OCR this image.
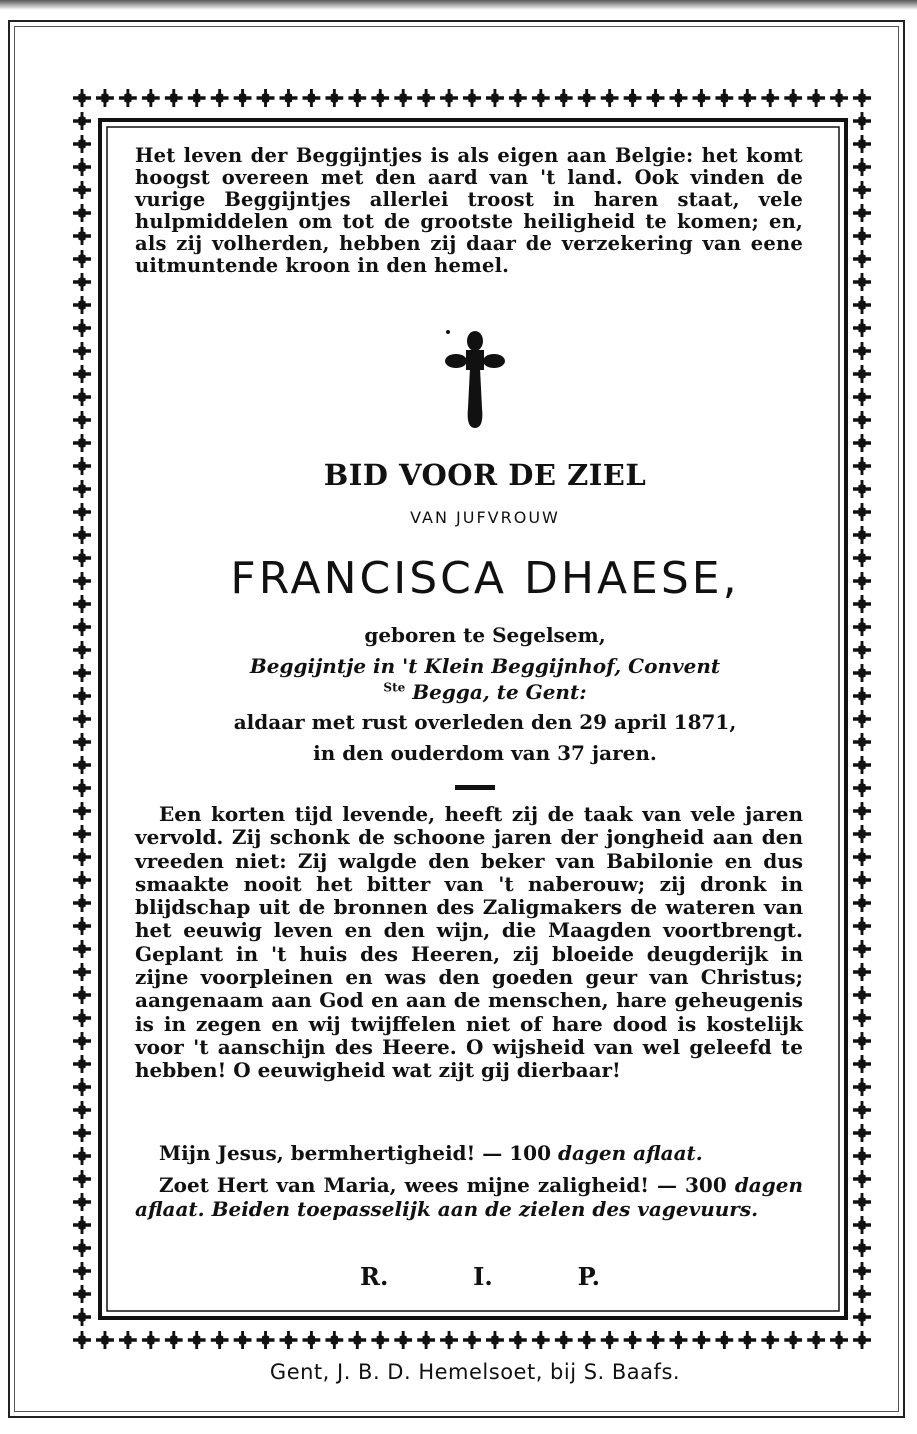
Het leven der Beggijntjes is als eigen aan Belgie: het komt hoogst overeen met den aard van 't land. Ook vinden de vurige Beggijntjes allerlei troost in haren staat, vele hulpmiddelen om tot de grootste heiligheid te komen; en, als zij volherden, hebben zij daar de verzekering van eene uitmuntende kroon in den hemel.

BID VOOR DE ZIEL
VAN JUFVROUW
FRANCISCA DHAESE,
geboren te Segelsem,
Beggijntje in 't Klein Beggijnhof, Convent
$^{Ste}$ Begga, te Gent:
aldaar met rust overleden den 29 april 1871,
in den ouderdom van 37 jaren.

Een korten tijd levende, heeft zij de taak van vele jaren vervold. Zij schonk de schoone jaren der jongheid aan den vreeden niet: Zij walgde den beker van Babilonie en dus smaakte nooit het bitter van 't naberouw; zij dronk in blijdschap uit de bronnen des Zaligmakers de wateren van het eeuwig leven en den wijn, die Maagden voortbrengt. Geplant in 't huis des Heeren, zij bloeide deugderijk in zijne voorpleinen en was den goeden geur van Christus; aangenaam aan God en aan de menschen, hare geheugenis is in zegen en wij twijffelen niet of hare dood is kostelijk voor 't aanschijn des Heere. O wijsheid van wel geleefd te hebben! O eeuwigheid wat zijt gij dierbaar!

Mijn Jesus, bermhertigheid! — 100 dagen aflaat.

Zoet Hert van Maria, wees mijne zaligheid! — 300 dagen aflaat. Beiden toepasselijk aan de zielen des vagevuurs.

R.	I.	P.
Gent, J. B. D. Hemelsoet, bij S. Baafs.
